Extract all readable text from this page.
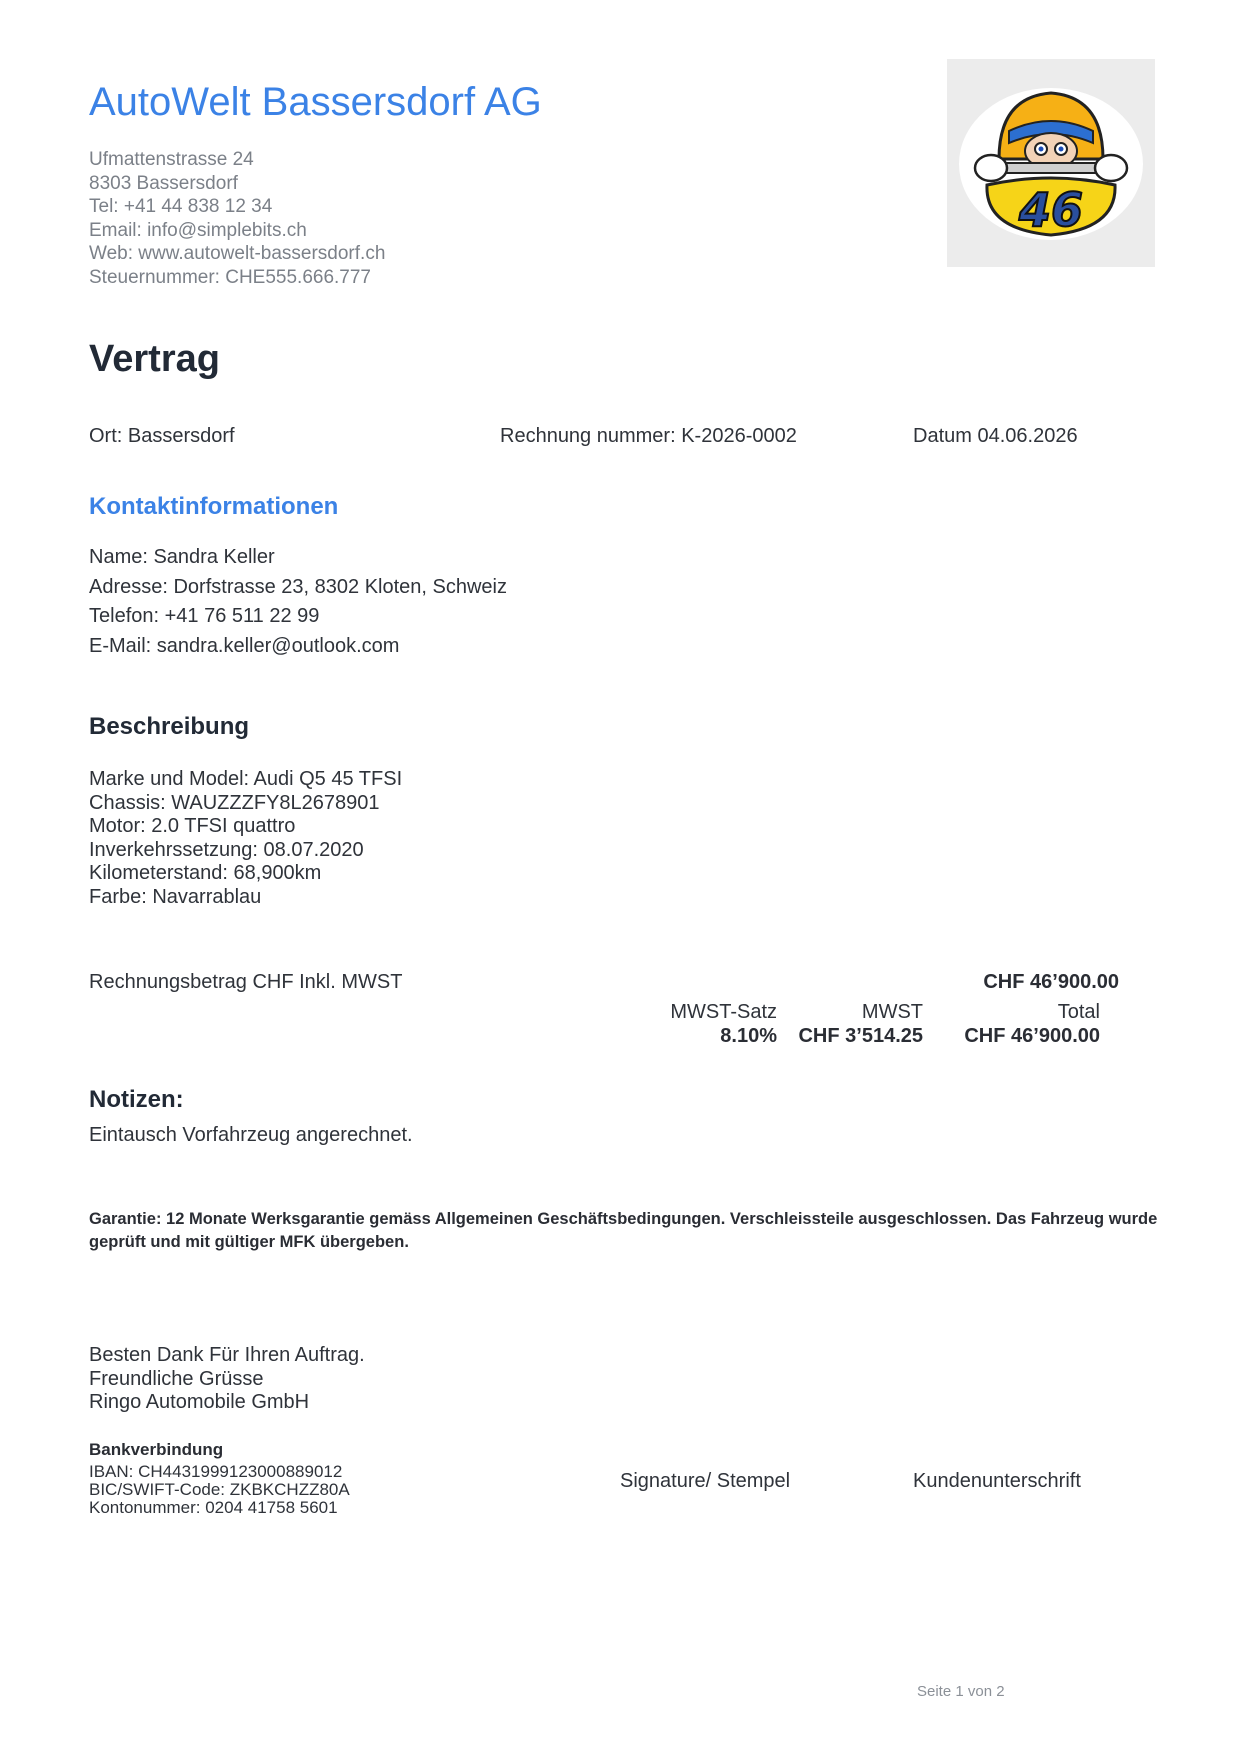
AutoWelt Bassersdorf AG
Ufmattenstrasse 24
8303 Bassersdorf
Tel: +41 44 838 12 34
Email: info@simplebits.ch
Web: www.autowelt-bassersdorf.ch
Steuernummer: CHE555.666.777
46
Vertrag
Ort: Bassersdorf	Rechnung nummer: K-2026-0002	Datum 04.06.2026
Kontaktinformationen
Name: Sandra Keller
Adresse: Dorfstrasse 23, 8302 Kloten, Schweiz
Telefon: +41 76 511 22 99
E-Mail: sandra.keller@outlook.com
Beschreibung
Marke und Model: Audi Q5 45 TFSI
Chassis: WAUZZZFY8L2678901
Motor: 2.0 TFSI quattro
Inverkehrssetzung: 08.07.2020
Kilometerstand: 68,900km
Farbe: Navarrablau
Rechnungsbetrag CHF Inkl. MWST	CHF 46’900.00
MWST-Satz	MWST	Total
8.10% CHF 3’514.25 CHF 46’900.00
Notizen:
Eintausch Vorfahrzeug angerechnet.
Garantie: 12 Monate Werksgarantie gemäss Allgemeinen Geschäftsbedingungen. Verschleissteile ausgeschlossen. Das Fahrzeug wurde geprüft und mit gültiger MFK übergeben.
Besten Dank Für Ihren Auftrag.
Freundliche Grüsse
Ringo Automobile GmbH
Bankverbindung
IBAN: CH4431999123000889012
BIC/SWIFT-Code: ZKBKCHZZ80A
Kontonummer: 0204 41758 5601
Signature/ Stempel	Kundenunterschrift
Seite 1 von 2
